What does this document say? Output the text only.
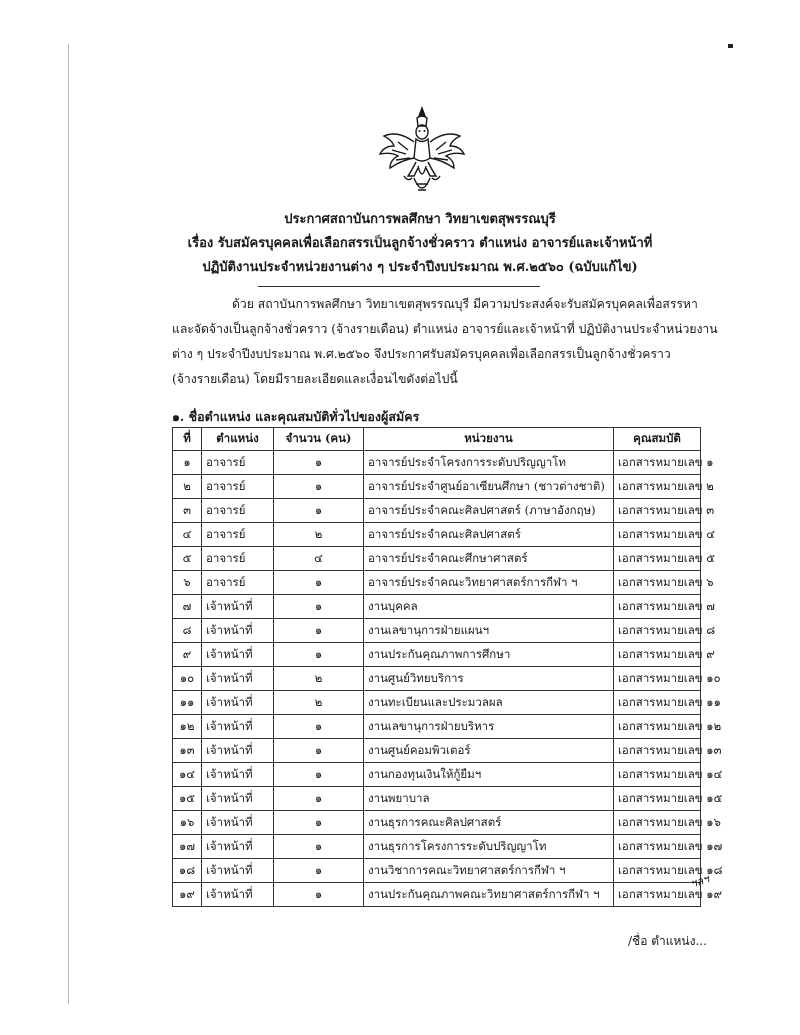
ประกาศสถาบันการพลศึกษา วิทยาเขตสุพรรณบุรี
เรื่อง รับสมัครบุคคลเพื่อเลือกสรรเป็นลูกจ้างชั่วคราว ตำแหน่ง อาจารย์และเจ้าหน้าที่
ปฏิบัติงานประจำหน่วยงานต่าง ๆ ประจำปีงบประมาณ พ.ศ.๒๕๖๐ (ฉบับแก้ไข)
ด้วย สถาบันการพลศึกษา วิทยาเขตสุพรรณบุรี มีความประสงค์จะรับสมัครบุคคลเพื่อสรรหา
และจัดจ้างเป็นลูกจ้างชั่วคราว (จ้างรายเดือน) ตำแหน่ง อาจารย์และเจ้าหน้าที่ ปฏิบัติงานประจำหน่วยงาน
ต่าง ๆ ประจำปีงบประมาณ พ.ศ.๒๕๖๐ จึงประกาศรับสมัครบุคคลเพื่อเลือกสรรเป็นลูกจ้างชั่วคราว
(จ้างรายเดือน) โดยมีรายละเอียดและเงื่อนไขดังต่อไปนี้
๑. ชื่อตำแหน่ง และคุณสมบัติทั่วไปของผู้สมัคร
ที่	ตำแหน่ง	จำนวน (คน)	หน่วยงาน	คุณสมบัติ
๑	อาจารย์	๑	อาจารย์ประจำโครงการระดับปริญญาโท	เอกสารหมายเลข ๑
๒	อาจารย์	๑	อาจารย์ประจำศูนย์อาเซียนศึกษา (ชาวต่างชาติ)	เอกสารหมายเลข ๒
๓	อาจารย์	๑	อาจารย์ประจำคณะศิลปศาสตร์ (ภาษาอังกฤษ)	เอกสารหมายเลข ๓
๔	อาจารย์	๒	อาจารย์ประจำคณะศิลปศาสตร์	เอกสารหมายเลข ๔
๕	อาจารย์	๔	อาจารย์ประจำคณะศึกษาศาสตร์	เอกสารหมายเลข ๕
๖	อาจารย์	๑	อาจารย์ประจำคณะวิทยาศาสตร์การกีฬา ฯ	เอกสารหมายเลข ๖
๗	เจ้าหน้าที่	๑	งานบุคคล	เอกสารหมายเลข ๗
๘	เจ้าหน้าที่	๑	งานเลขานุการฝ่ายแผนฯ	เอกสารหมายเลข ๘
๙	เจ้าหน้าที่	๑	งานประกันคุณภาพการศึกษา	เอกสารหมายเลข ๙
๑๐	เจ้าหน้าที่	๒	งานศูนย์วิทยบริการ	เอกสารหมายเลข ๑๐
๑๑	เจ้าหน้าที่	๒	งานทะเบียนและประมวลผล	เอกสารหมายเลข ๑๑
๑๒	เจ้าหน้าที่	๑	งานเลขานุการฝ่ายบริหาร	เอกสารหมายเลข ๑๒
๑๓	เจ้าหน้าที่	๑	งานศูนย์คอมพิวเตอร์	เอกสารหมายเลข ๑๓
๑๔	เจ้าหน้าที่	๑	งานกองทุนเงินให้กู้ยืมฯ	เอกสารหมายเลข ๑๔
๑๕	เจ้าหน้าที่	๑	งานพยาบาล	เอกสารหมายเลข ๑๕
๑๖	เจ้าหน้าที่	๑	งานธุรการคณะศิลปศาสตร์	เอกสารหมายเลข ๑๖
๑๗	เจ้าหน้าที่	๑	งานธุรการโครงการระดับปริญญาโท	เอกสารหมายเลข ๑๗
๑๘	เจ้าหน้าที่	๑	งานวิชาการคณะวิทยาศาสตร์การกีฬา ฯ	เอกสารหมายเลข ๑๘
๑๙	เจ้าหน้าที่	๑	งานประกันคุณภาพคณะวิทยาศาสตร์การกีฬา ฯ	เอกสารหมายเลข ๑๙
ฯลฯ
/ชื่อ ตำแหน่ง...
